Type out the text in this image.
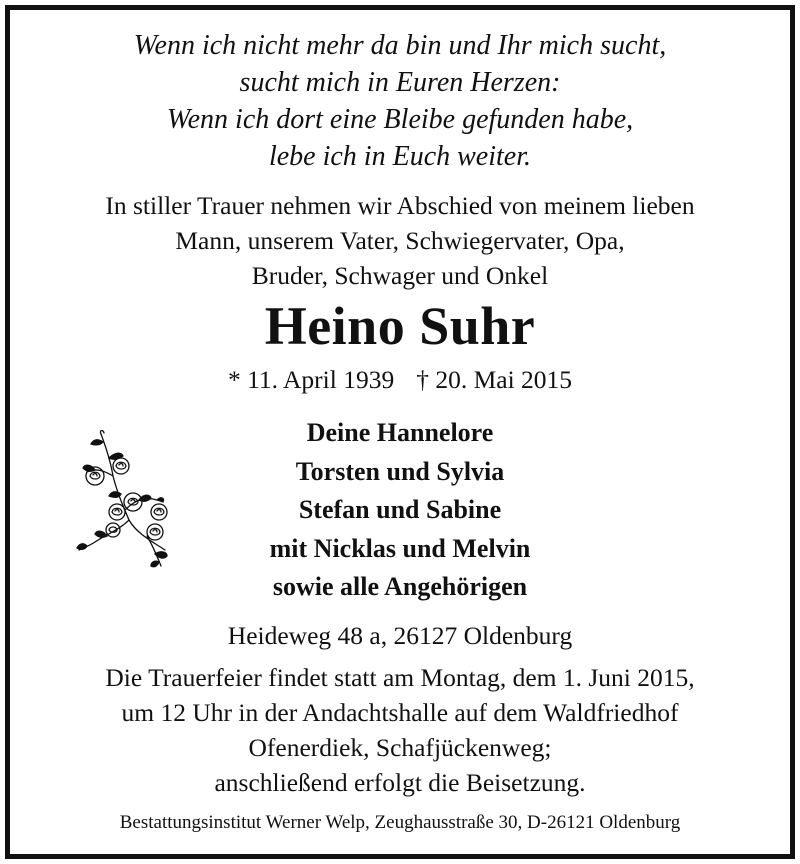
Wenn ich nicht mehr da bin und Ihr mich sucht,
sucht mich in Euren Herzen:
Wenn ich dort eine Bleibe gefunden habe,
lebe ich in Euch weiter.
In stiller Trauer nehmen wir Abschied von meinem lieben
Mann, unserem Vater, Schwiegervater, Opa,
Bruder, Schwager und Onkel
Heino Suhr
* 11. April 1939 † 20. Mai 2015
Deine Hannelore
Torsten und Sylvia
Stefan und Sabine
mit Nicklas und Melvin
sowie alle Angehörigen
Heideweg 48 a, 26127 Oldenburg
Die Trauerfeier findet statt am Montag, dem 1. Juni 2015,
um 12 Uhr in der Andachtshalle auf dem Waldfriedhof
Ofenerdiek, Schafjückenweg;
anschließend erfolgt die Beisetzung.
Bestattungsinstitut Werner Welp, Zeughausstraße 30, D-26121 Oldenburg
